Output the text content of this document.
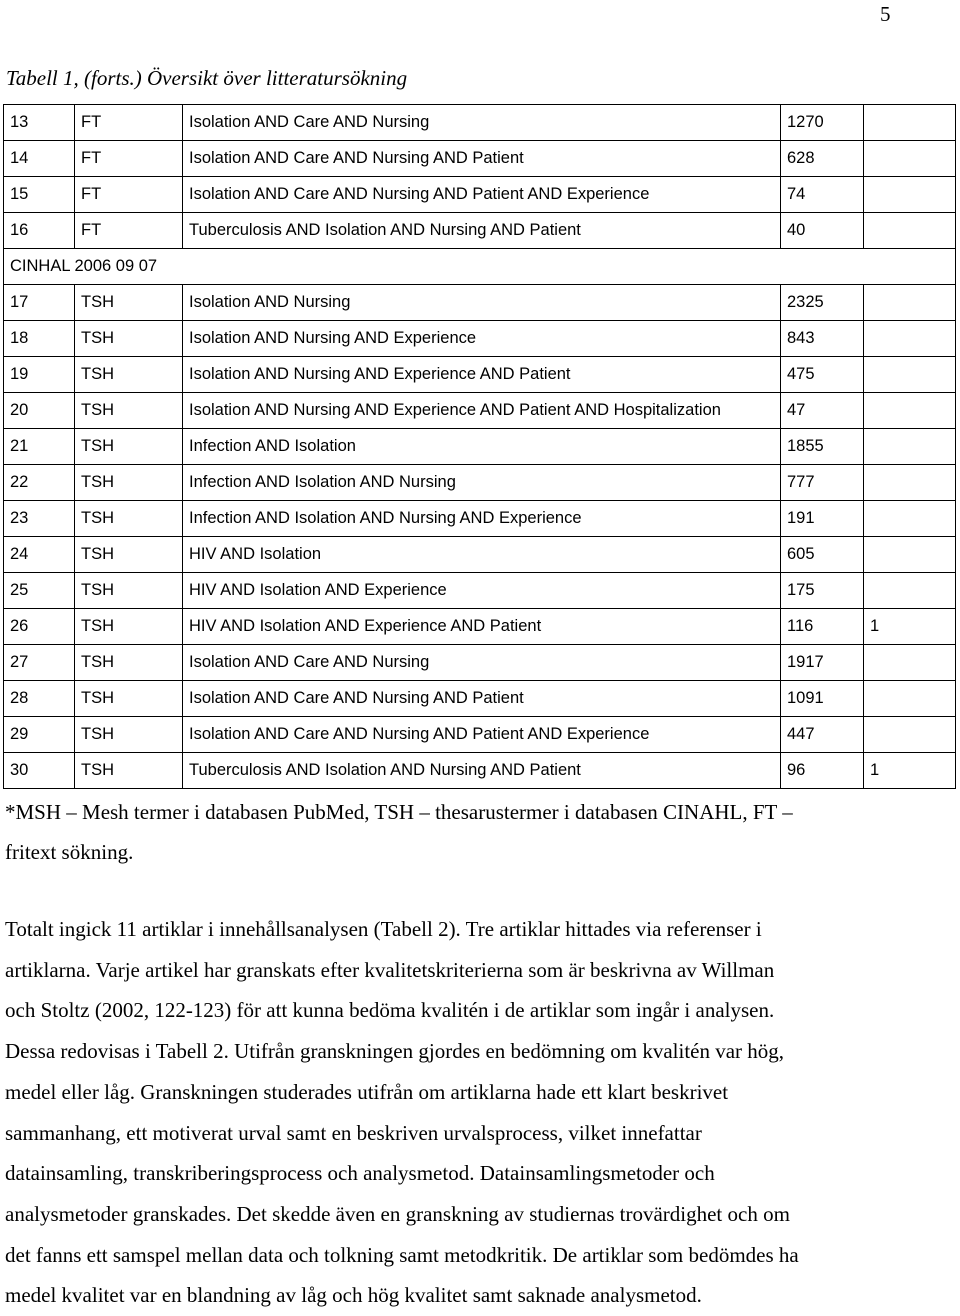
5
Tabell 1, (forts.) Översikt över litteratursökning
13	FT	Isolation AND Care AND Nursing	1270	
14	FT	Isolation AND Care AND Nursing AND Patient	628	
15	FT	Isolation AND Care AND Nursing AND Patient AND Experience	74	
16	FT	Tuberculosis AND Isolation AND Nursing AND Patient	40	
CINHAL 2006 09 07				
17	TSH	Isolation AND Nursing	2325	
18	TSH	Isolation AND Nursing AND Experience	843	
19	TSH	Isolation AND Nursing AND Experience AND Patient	475	
20	TSH	Isolation AND Nursing AND Experience AND Patient AND Hospitalization	47	
21	TSH	Infection AND Isolation	1855	
22	TSH	Infection AND Isolation AND Nursing	777	
23	TSH	Infection AND Isolation AND Nursing AND Experience	191	
24	TSH	HIV AND Isolation	605	
25	TSH	HIV AND Isolation AND Experience	175	
26	TSH	HIV AND Isolation AND Experience AND Patient	116	1
27	TSH	Isolation AND Care AND Nursing	1917	
28	TSH	Isolation AND Care AND Nursing AND Patient	1091	
29	TSH	Isolation AND Care AND Nursing AND Patient AND Experience	447	
30	TSH	Tuberculosis AND Isolation AND Nursing AND Patient	96	1
*MSH – Mesh termer i databasen PubMed, TSH – thesarustermer i databasen CINAHL, FT –
fritext sökning.
Totalt ingick 11 artiklar i innehållsanalysen (Tabell 2). Tre artiklar hittades via referenser i
artiklarna. Varje artikel har granskats efter kvalitetskriterierna som är beskrivna av Willman
och Stoltz (2002, 122-123) för att kunna bedöma kvalitén i de artiklar som ingår i analysen.
Dessa redovisas i Tabell 2. Utifrån granskningen gjordes en bedömning om kvalitén var hög,
medel eller låg. Granskningen studerades utifrån om artiklarna hade ett klart beskrivet
sammanhang, ett motiverat urval samt en beskriven urvalsprocess, vilket innefattar
datainsamling, transkriberingsprocess och analysmetod. Datainsamlingsmetoder och
analysmetoder granskades. Det skedde även en granskning av studiernas trovärdighet och om
det fanns ett samspel mellan data och tolkning samt metodkritik. De artiklar som bedömdes ha
medel kvalitet var en blandning av låg och hög kvalitet samt saknade analysmetod.
